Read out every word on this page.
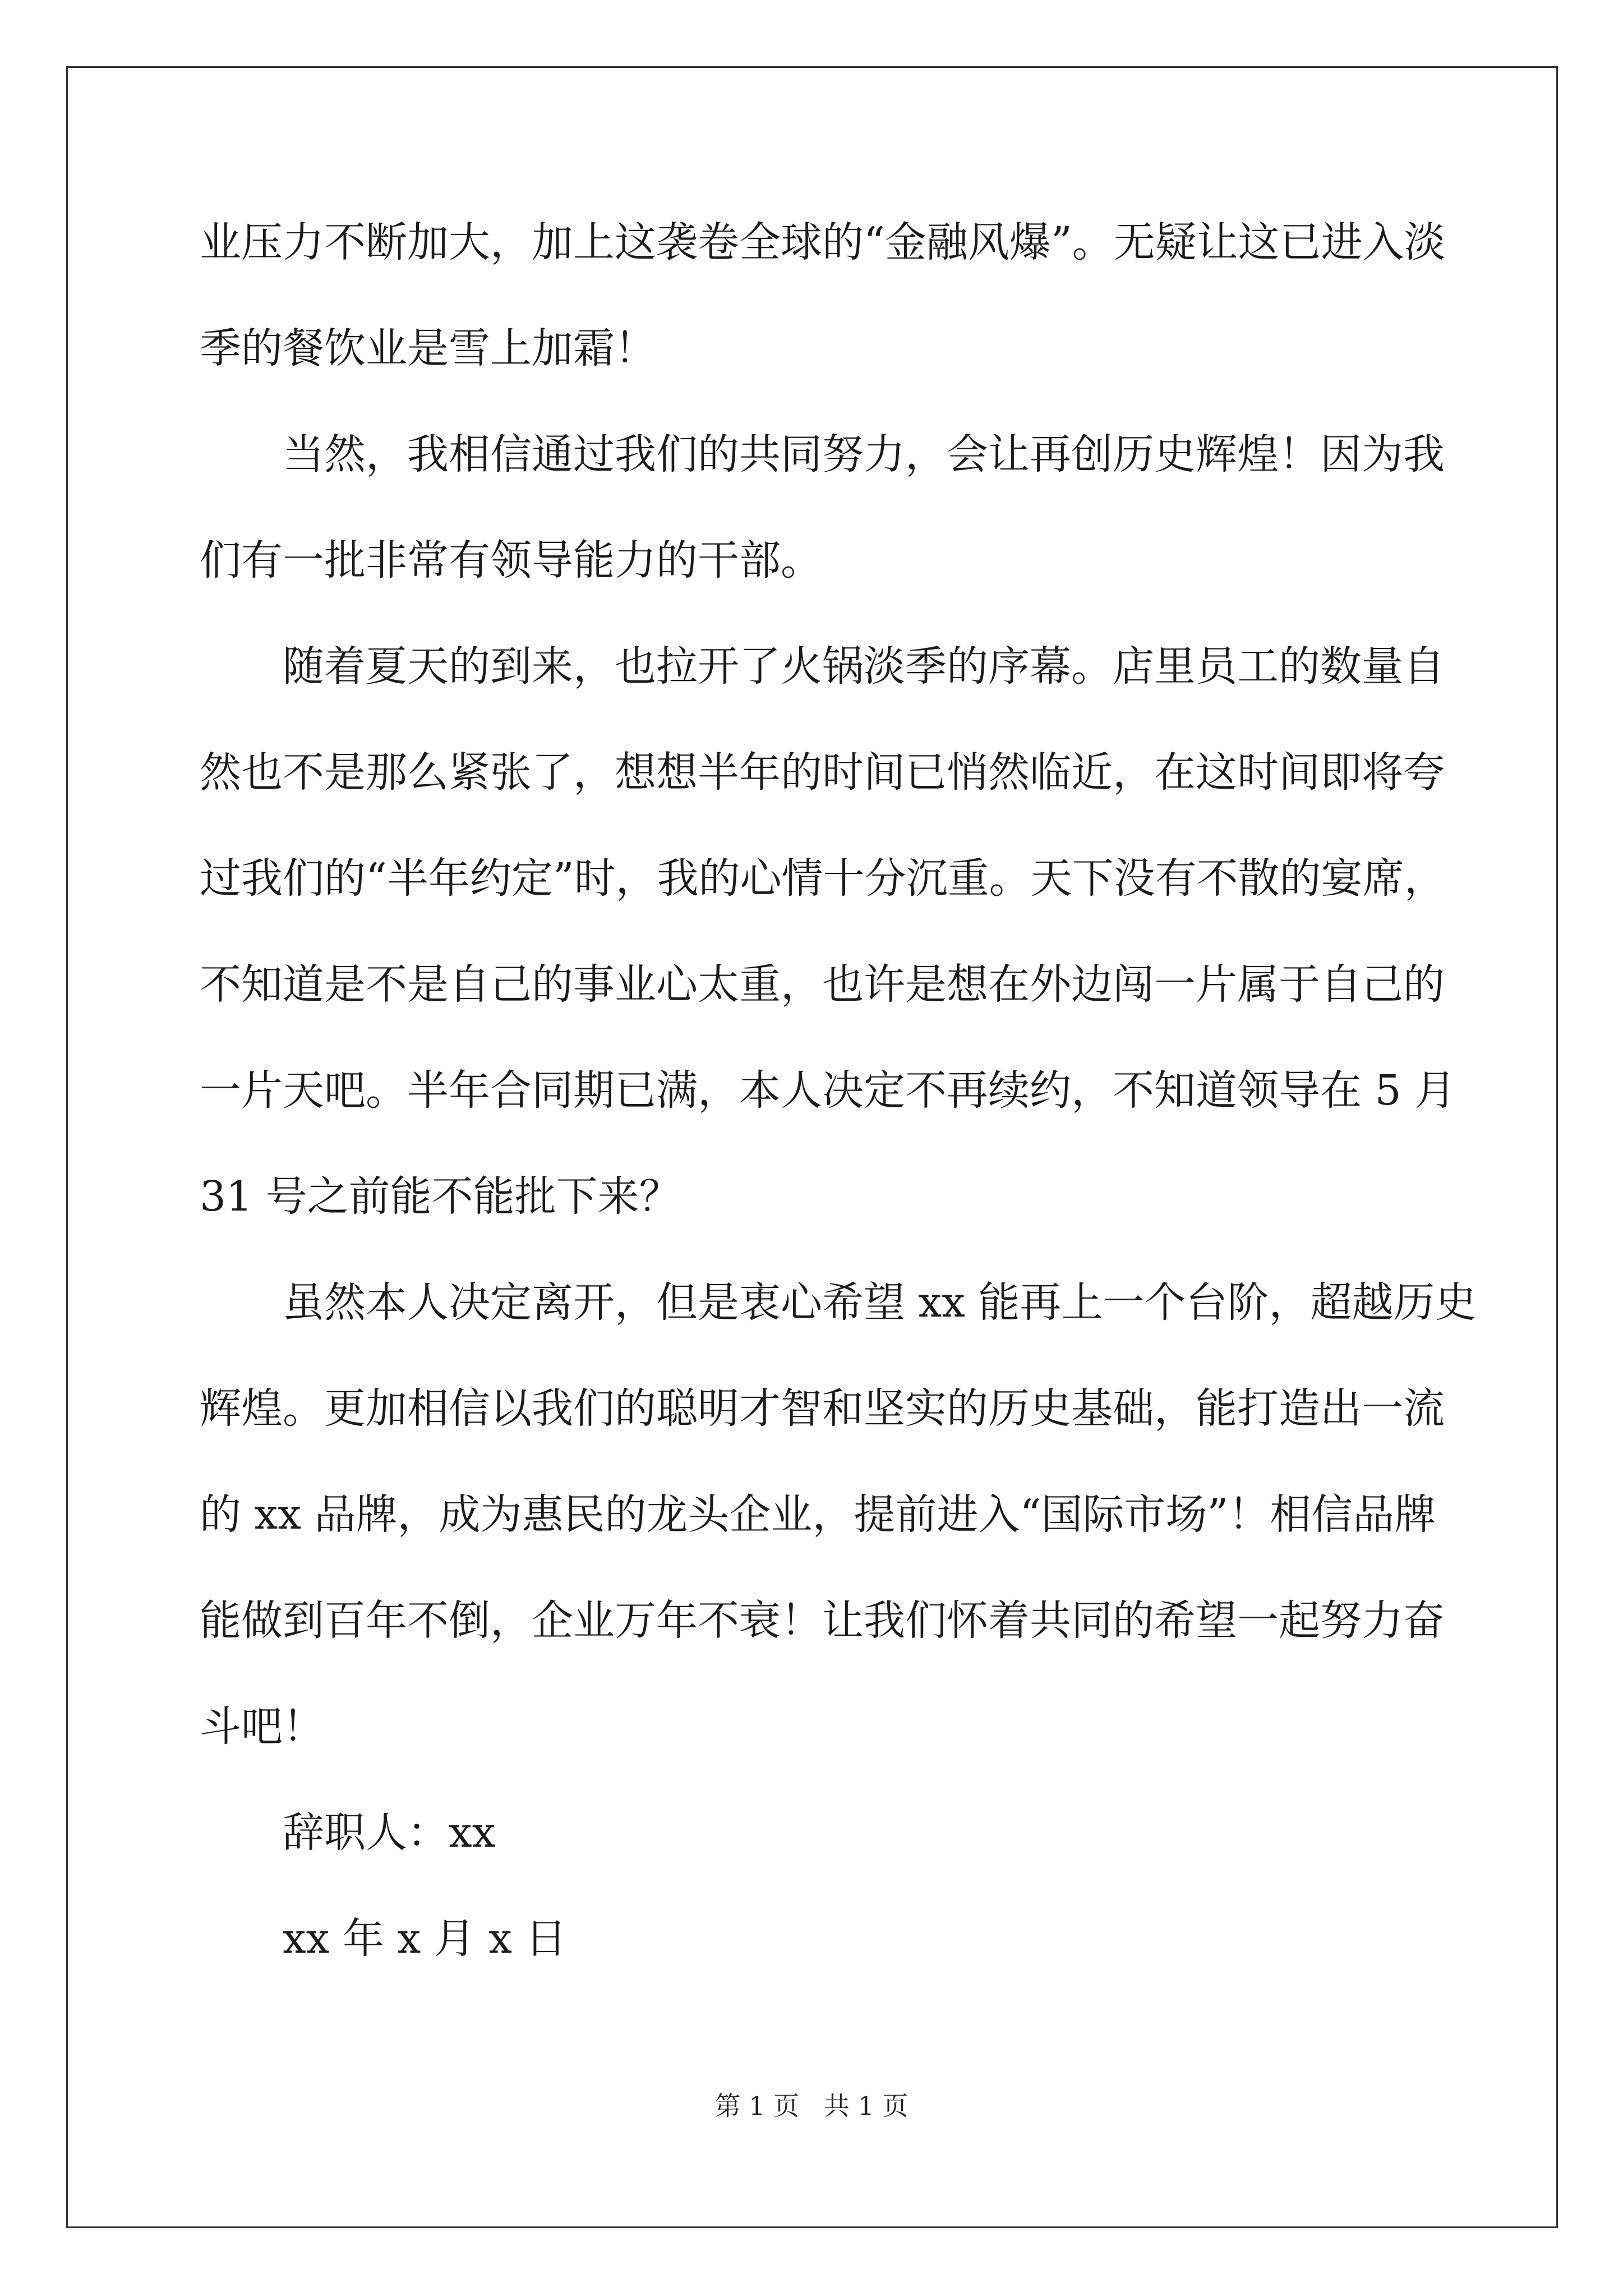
业压力不断加大，加上这袭卷全球的“金融风爆”。无疑让这已进入淡
季的餐饮业是雪上加霜！
当然，我相信通过我们的共同努力，会让再创历史辉煌！因为我
们有一批非常有领导能力的干部。
随着夏天的到来，也拉开了火锅淡季的序幕。店里员工的数量自
然也不是那么紧张了，想想半年的时间已悄然临近，在这时间即将夸
过我们的“半年约定”时，我的心情十分沉重。天下没有不散的宴席，
不知道是不是自己的事业心太重，也许是想在外边闯一片属于自己的
一片天吧。半年合同期已满，本人决定不再续约，不知道领导在 5 月
31 号之前能不能批下来？
虽然本人决定离开，但是衷心希望 xx 能再上一个台阶，超越历史
辉煌。更加相信以我们的聪明才智和坚实的历史基础，能打造出一流
的 xx 品牌，成为惠民的龙头企业，提前进入“国际市场”！相信品牌
能做到百年不倒，企业万年不衰！让我们怀着共同的希望一起努力奋
斗吧！
辞职人：xx
xx 年 x 月 x 日
第 1 页   共 1 页
